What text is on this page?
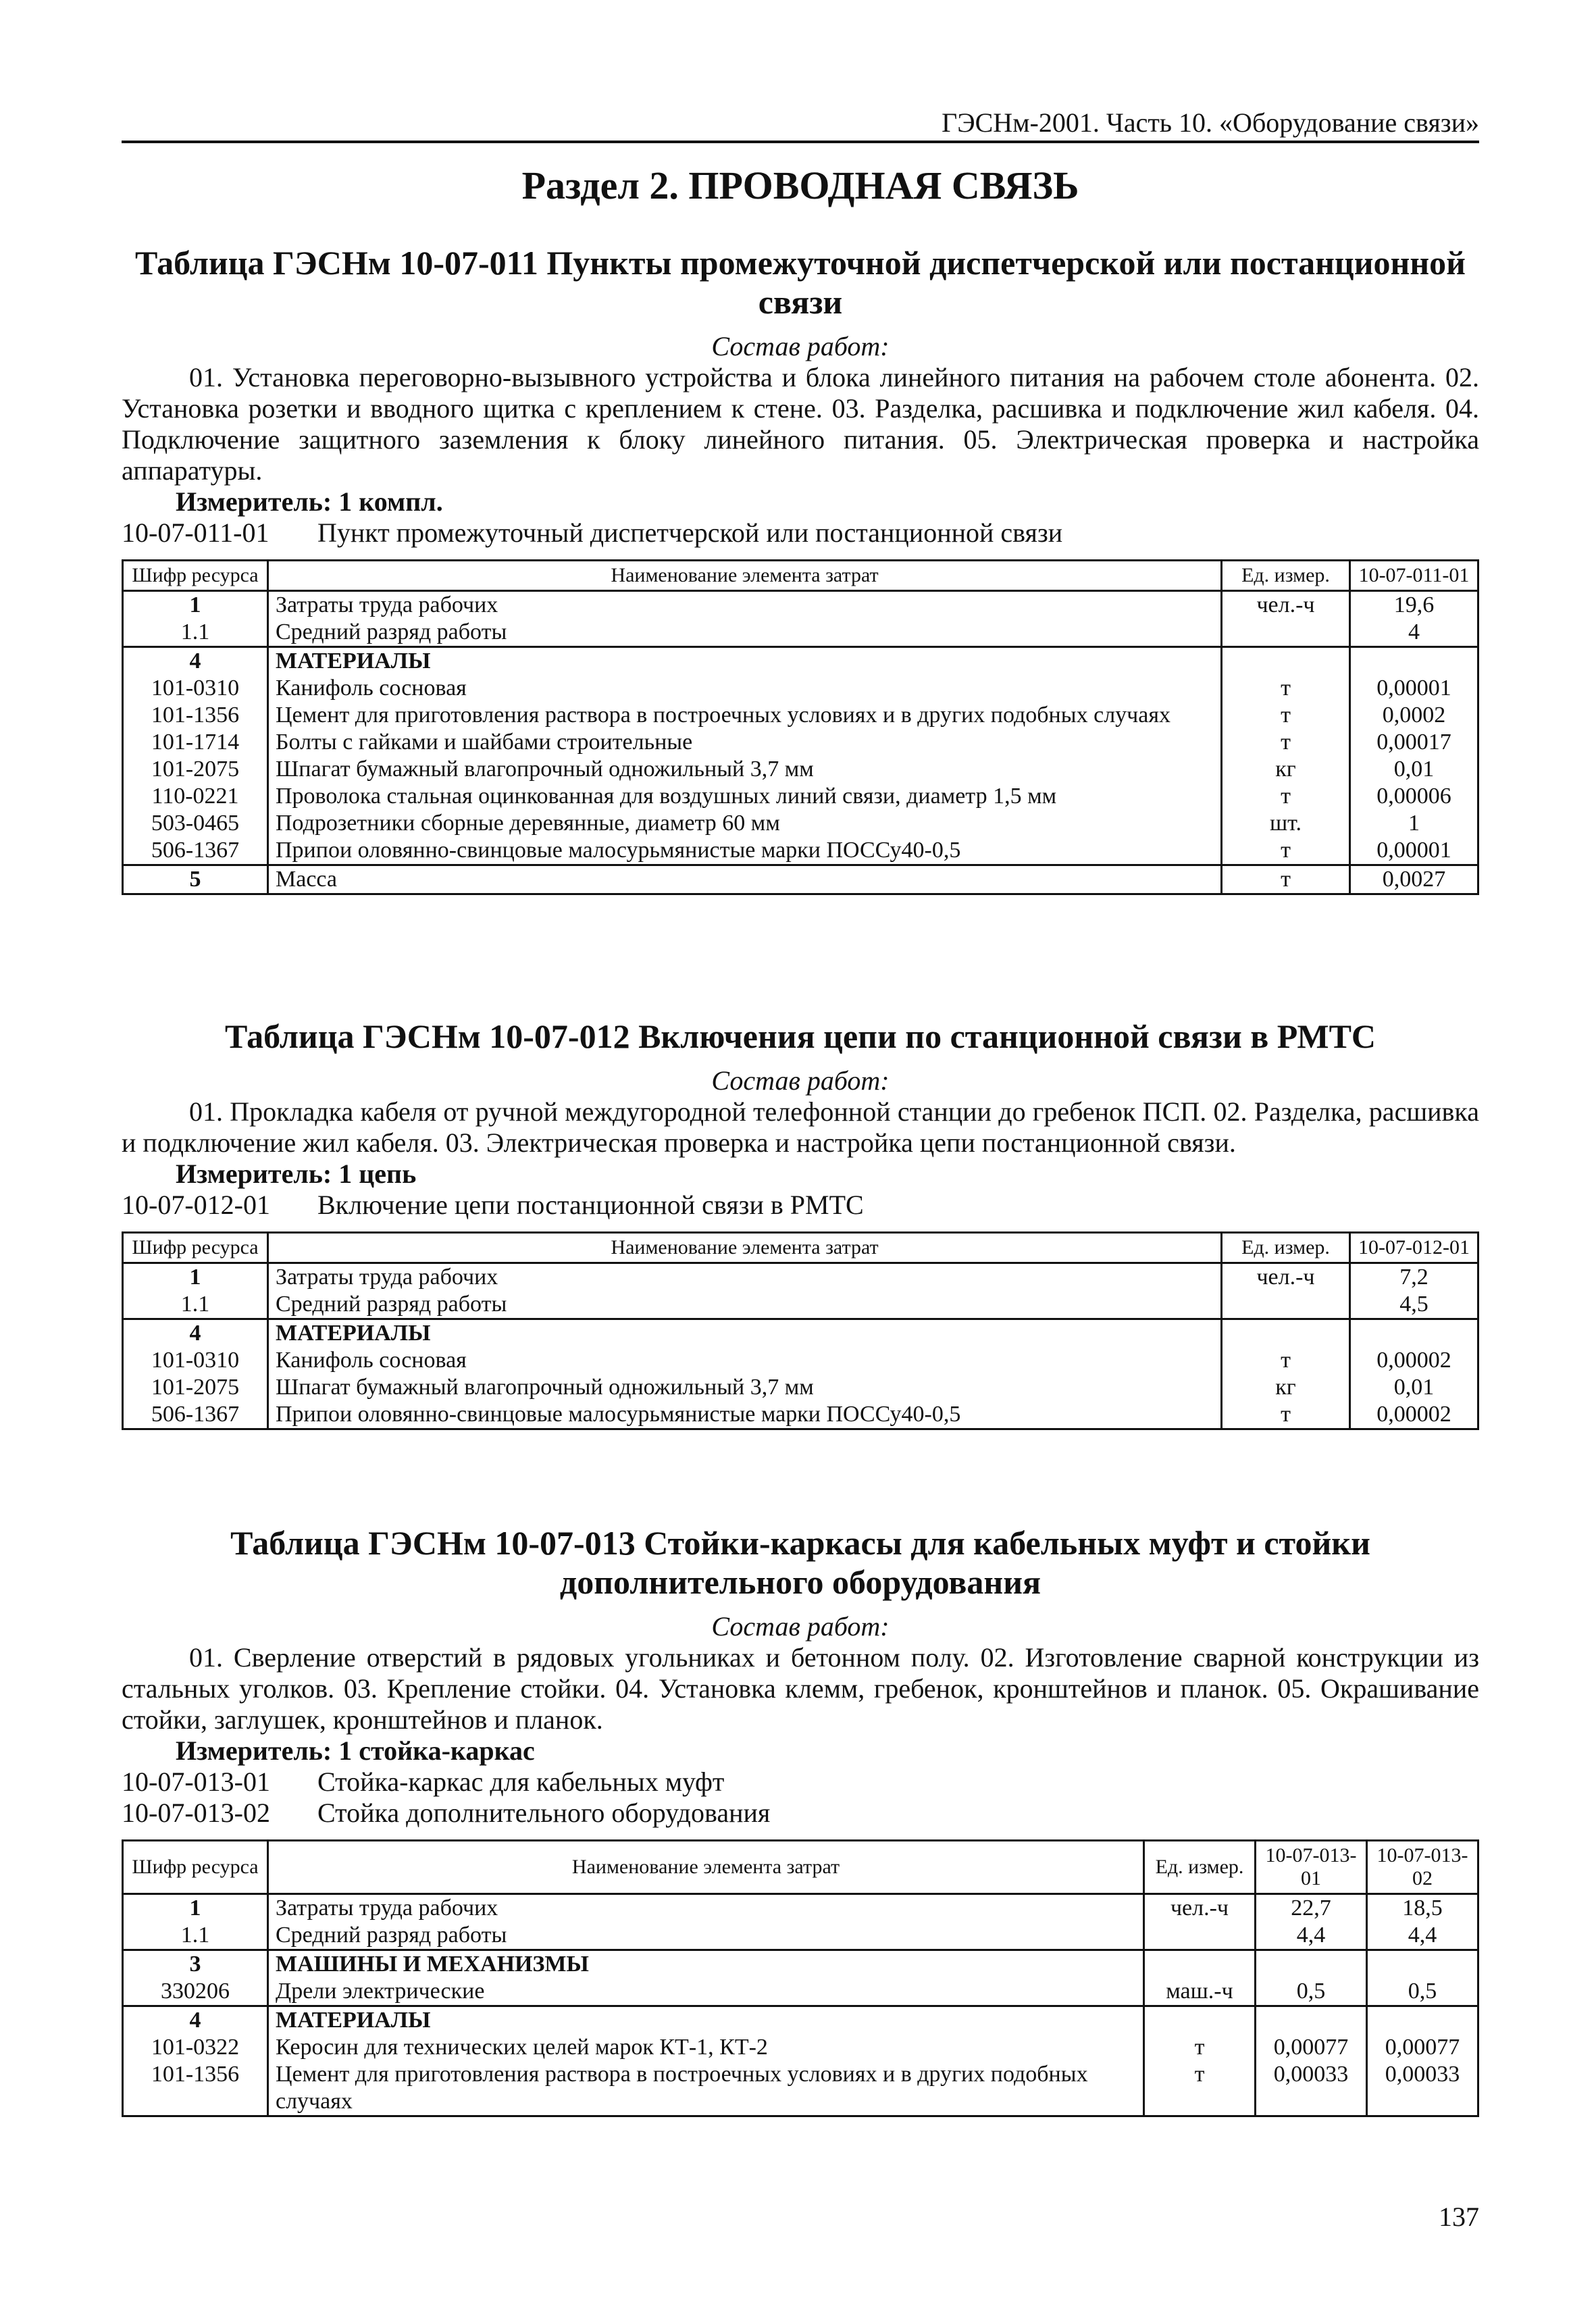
ГЭСНм-2001. Часть 10. «Оборудование связи»
Раздел 2. ПРОВОДНАЯ СВЯЗЬ
Таблица ГЭСНм 10-07-011 Пункты промежуточной диспетчерской или постанционной связи
Состав работ:
01. Установка переговорно-вызывного устройства и блока линейного питания на рабочем столе абонента. 02. Установка розетки и вводного щитка с креплением к стене. 03. Разделка, расшивка и подключение жил кабеля. 04. Подключение защитного заземления к блоку линейного питания. 05. Электрическая проверка и настройка аппаратуры.
Измеритель: 1 компл.
10-07-011-01	Пункт промежуточный диспетчерской или постанционной связи
Шифр ресурса	Наименование элемента затрат	Ед. измер.	10-07-011-01
1	Затраты труда рабочих	чел.-ч	19,6
1.1	Средний разряд работы		4
4	МАТЕРИАЛЫ		
101-0310	Канифоль сосновая	т	0,00001
101-1356	Цемент для приготовления раствора в построечных условиях и в других подобных случаях	т	0,0002
101-1714	Болты с гайками и шайбами строительные	т	0,00017
101-2075	Шпагат бумажный влагопрочный одножильный 3,7 мм	кг	0,01
110-0221	Проволока стальная оцинкованная для воздушных линий связи, диаметр 1,5 мм	т	0,00006
503-0465	Подрозетники сборные деревянные, диаметр 60 мм	шт.	1
506-1367	Припои оловянно-свинцовые малосурьмянистые марки ПОССу40-0,5	т	0,00001
5	Масса	т	0,0027
Таблица ГЭСНм 10-07-012 Включения цепи по станционной связи в РМТС
Состав работ:
01. Прокладка кабеля от ручной междугородной телефонной станции до гребенок ПСП. 02. Разделка, расшивка и подключение жил кабеля. 03. Электрическая проверка и настройка цепи постанционной связи.
Измеритель: 1 цепь
10-07-012-01	Включение цепи постанционной связи в РМТС
Шифр ресурса	Наименование элемента затрат	Ед. измер.	10-07-012-01
1	Затраты труда рабочих	чел.-ч	7,2
1.1	Средний разряд работы		4,5
4	МАТЕРИАЛЫ		
101-0310	Канифоль сосновая	т	0,00002
101-2075	Шпагат бумажный влагопрочный одножильный 3,7 мм	кг	0,01
506-1367	Припои оловянно-свинцовые малосурьмянистые марки ПОССу40-0,5	т	0,00002
Таблица ГЭСНм 10-07-013 Стойки-каркасы для кабельных муфт и стойки дополнительного оборудования
Состав работ:
01. Сверление отверстий в рядовых угольниках и бетонном полу. 02. Изготовление сварной конструкции из стальных уголков. 03. Крепление стойки. 04. Установка клемм, гребенок, кронштейнов и планок. 05. Окрашивание стойки, заглушек, кронштейнов и планок.
Измеритель: 1 стойка-каркас
10-07-013-01	Стойка-каркас для кабельных муфт
10-07-013-02	Стойка дополнительного оборудования
Шифр ресурса	Наименование элемента затрат	Ед. измер.	10-07-013-01	10-07-013-02
1	Затраты труда рабочих	чел.-ч	22,7	18,5
1.1	Средний разряд работы		4,4	4,4
3	МАШИНЫ И МЕХАНИЗМЫ			
330206	Дрели электрические	маш.-ч	0,5	0,5
4	МАТЕРИАЛЫ			
101-0322	Керосин для технических целей марок КТ-1, КТ-2	т	0,00077	0,00077
101-1356	Цемент для приготовления раствора в построечных условиях и в других подобных случаях	т	0,00033	0,00033
137
